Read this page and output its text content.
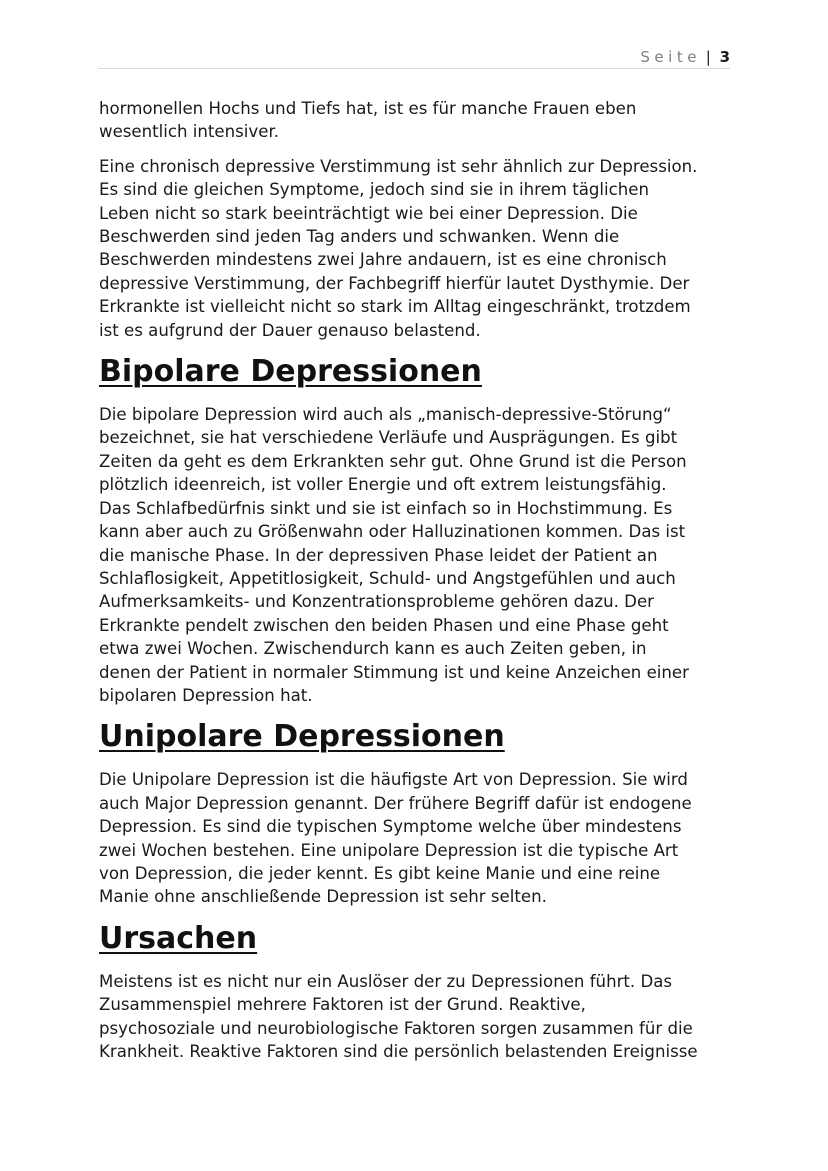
Seite | 3

hormonellen Hochs und Tiefs hat, ist es für manche Frauen eben
wesentlich intensiver.

Eine chronisch depressive Verstimmung ist sehr ähnlich zur Depression.
Es sind die gleichen Symptome, jedoch sind sie in ihrem täglichen
Leben nicht so stark beeinträchtigt wie bei einer Depression. Die
Beschwerden sind jeden Tag anders und schwanken. Wenn die
Beschwerden mindestens zwei Jahre andauern, ist es eine chronisch
depressive Verstimmung, der Fachbegriff hierfür lautet Dysthymie. Der
Erkrankte ist vielleicht nicht so stark im Alltag eingeschränkt, trotzdem
ist es aufgrund der Dauer genauso belastend.

Bipolare Depressionen

Die bipolare Depression wird auch als „manisch-depressive-Störung“
bezeichnet, sie hat verschiedene Verläufe und Ausprägungen. Es gibt
Zeiten da geht es dem Erkrankten sehr gut. Ohne Grund ist die Person
plötzlich ideenreich, ist voller Energie und oft extrem leistungsfähig.
Das Schlafbedürfnis sinkt und sie ist einfach so in Hochstimmung. Es
kann aber auch zu Größenwahn oder Halluzinationen kommen. Das ist
die manische Phase. In der depressiven Phase leidet der Patient an
Schlaflosigkeit, Appetitlosigkeit, Schuld- und Angstgefühlen und auch
Aufmerksamkeits- und Konzentrationsprobleme gehören dazu. Der
Erkrankte pendelt zwischen den beiden Phasen und eine Phase geht
etwa zwei Wochen. Zwischendurch kann es auch Zeiten geben, in
denen der Patient in normaler Stimmung ist und keine Anzeichen einer
bipolaren Depression hat.

Unipolare Depressionen

Die Unipolare Depression ist die häufigste Art von Depression. Sie wird
auch Major Depression genannt. Der frühere Begriff dafür ist endogene
Depression. Es sind die typischen Symptome welche über mindestens
zwei Wochen bestehen. Eine unipolare Depression ist die typische Art
von Depression, die jeder kennt. Es gibt keine Manie und eine reine
Manie ohne anschließende Depression ist sehr selten.

Ursachen

Meistens ist es nicht nur ein Auslöser der zu Depressionen führt. Das
Zusammenspiel mehrere Faktoren ist der Grund. Reaktive,
psychosoziale und neurobiologische Faktoren sorgen zusammen für die
Krankheit. Reaktive Faktoren sind die persönlich belastenden Ereignisse
